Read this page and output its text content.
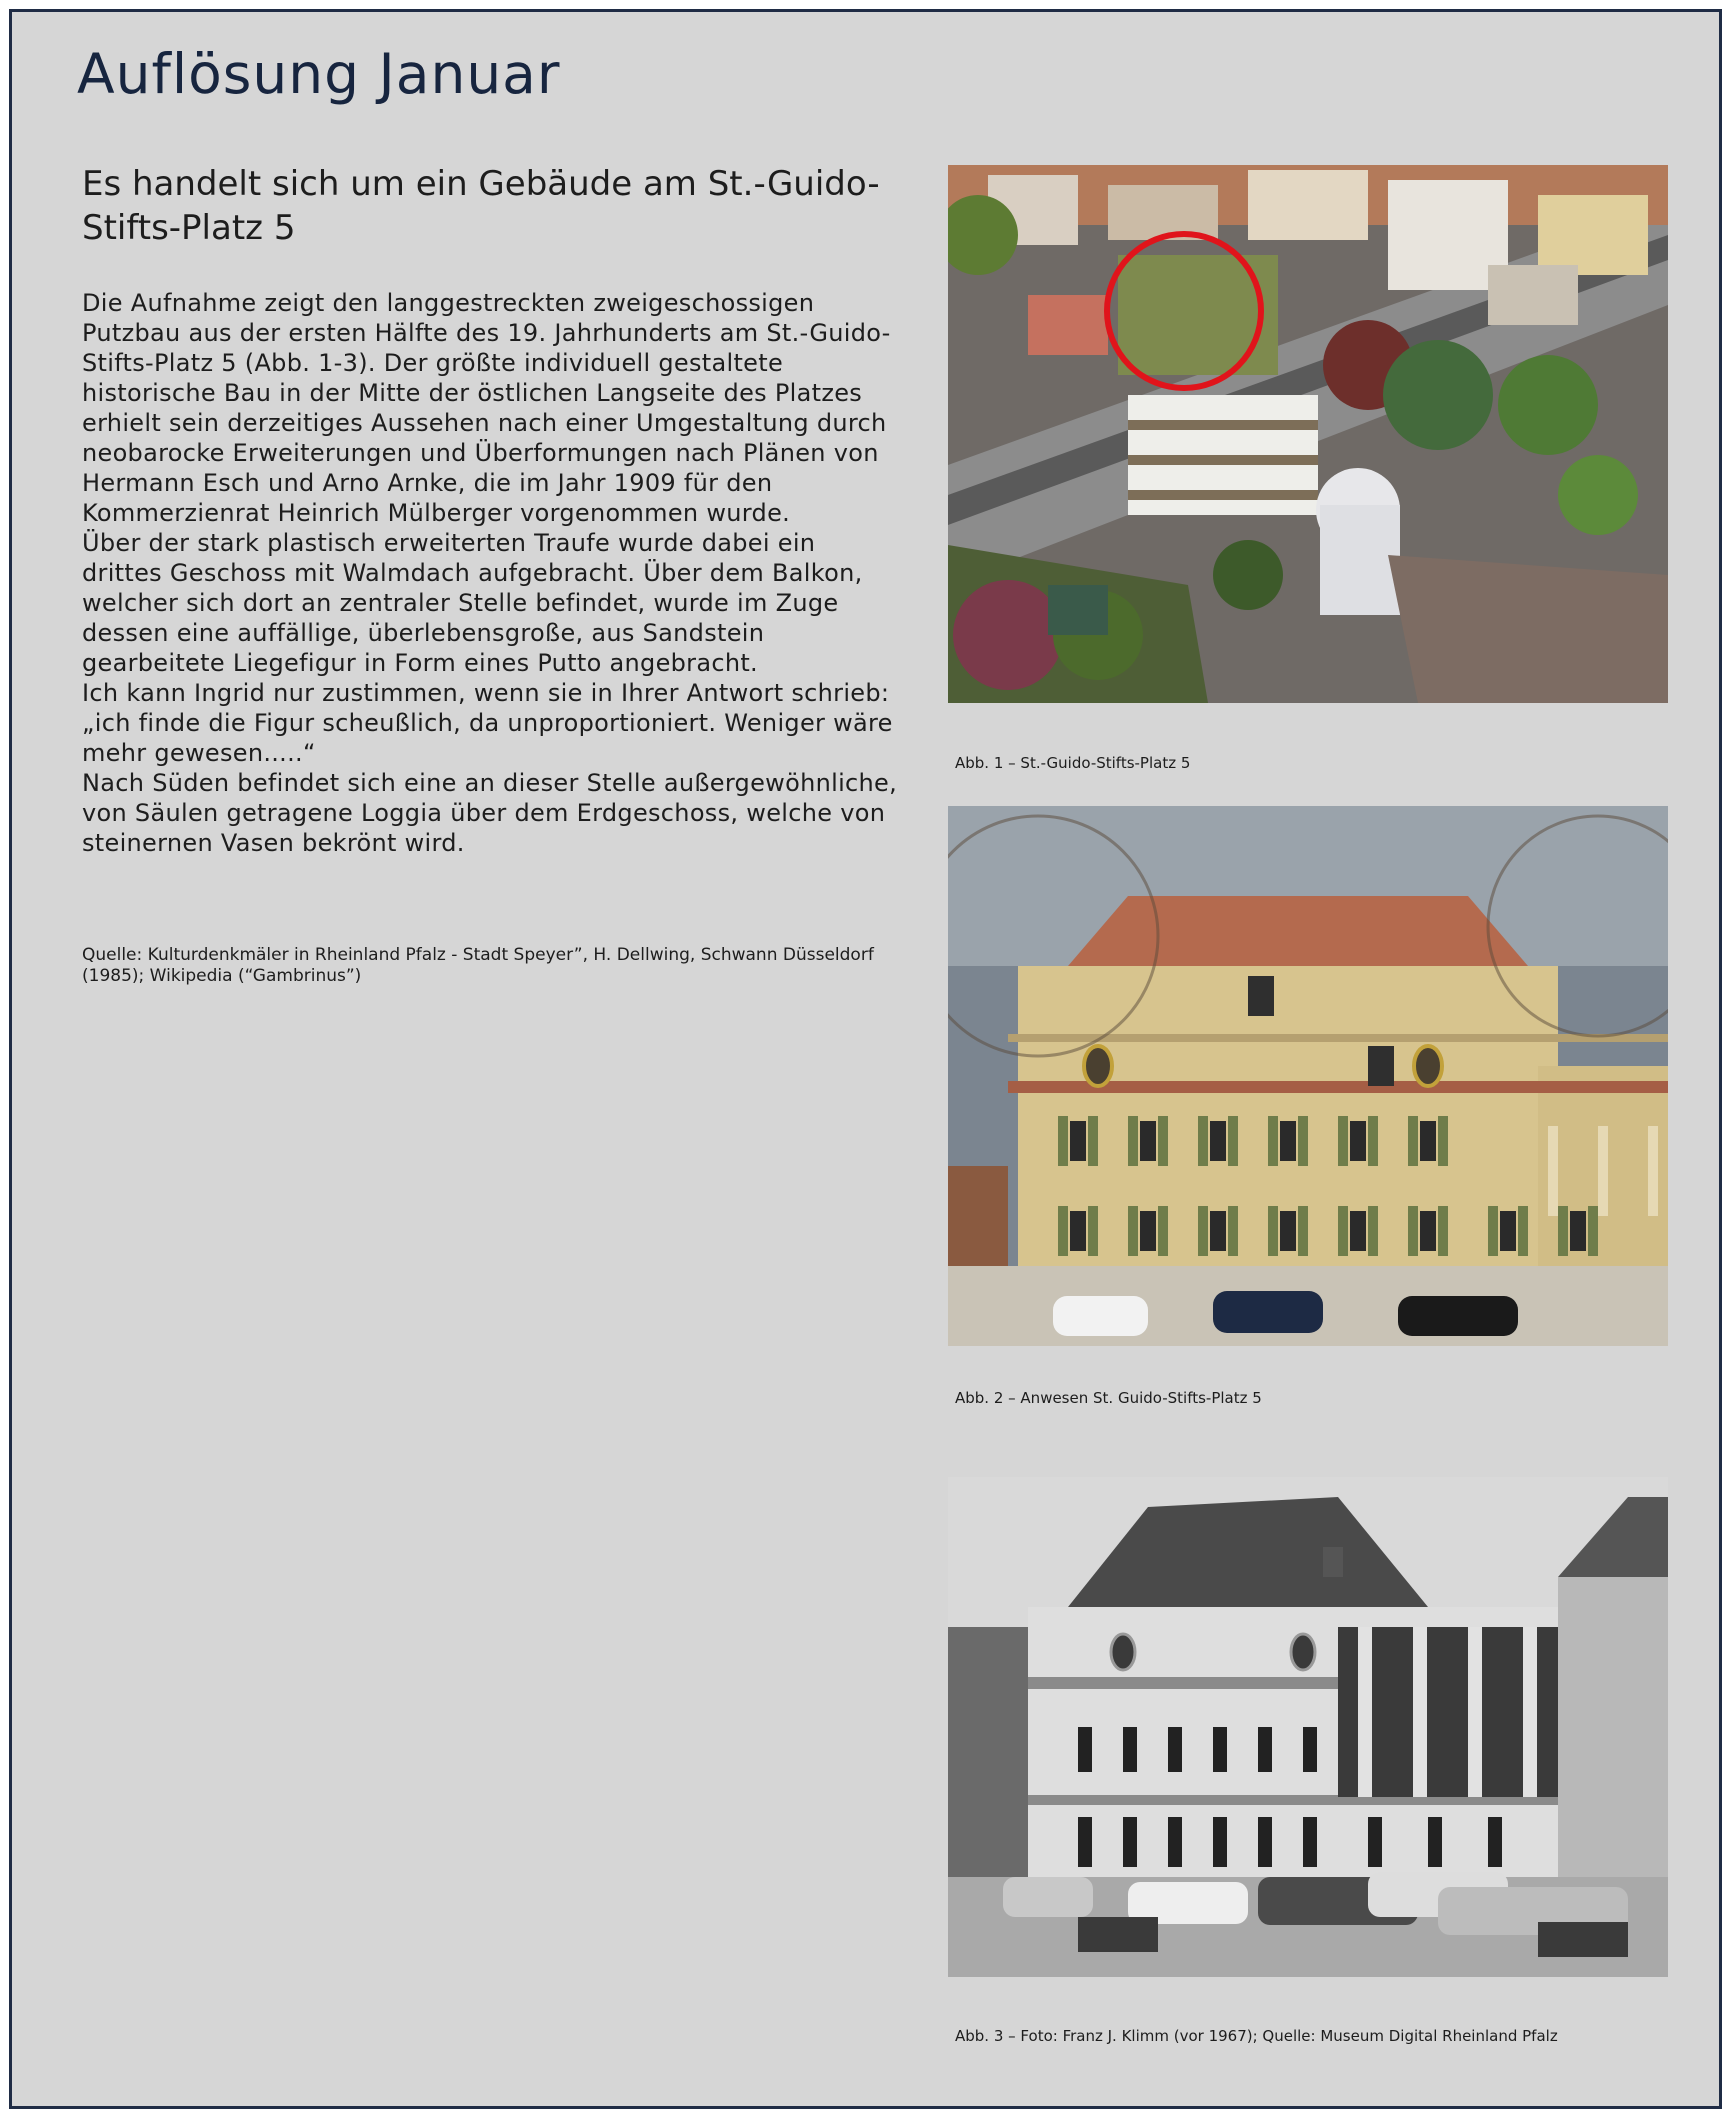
Auflösung Januar
Es handelt sich um ein Gebäude am St.-Guido-Stifts-Platz 5

Die Aufnahme zeigt den langgestreckten zweigeschossigen Putzbau aus der ersten Hälfte des 19. Jahrhunderts am St.-Guido-Stifts-Platz 5 (Abb. 1-3). Der größte individuell gestaltete historische Bau in der Mitte der östlichen Langseite des Platzes erhielt sein derzeitiges Aussehen nach einer Umgestaltung durch neobarocke Erweiterungen und Überformungen nach Plänen von Hermann Esch und Arno Arnke, die im Jahr 1909 für den Kommerzienrat Heinrich Mülberger vorgenommen wurde.

Über der stark plastisch erweiterten Traufe wurde dabei ein drittes Geschoss mit Walmdach aufgebracht. Über dem Balkon, welcher sich dort an zentraler Stelle befindet, wurde im Zuge dessen eine auffällige, überlebensgroße, aus Sandstein gearbeitete Liegefigur in Form eines Putto angebracht.

Ich kann Ingrid nur zustimmen, wenn sie in Ihrer Antwort schrieb: „ich finde die Figur scheußlich, da unproportioniert. Weniger wäre mehr gewesen.....“

Nach Süden befindet sich eine an dieser Stelle außergewöhnliche, von Säulen getragene Loggia über dem Erdgeschoss, welche von steinernen Vasen bekrönt wird.

Quelle: Kulturdenkmäler in Rheinland Pfalz - Stadt Speyer”, H. Dellwing, Schwann Düsseldorf (1985); Wikipedia (“Gambrinus”)
Abb. 1 – St.-Guido-Stifts-Platz 5
Abb. 2 – Anwesen St. Guido-Stifts-Platz 5
Abb. 3 – Foto: Franz J. Klimm (vor 1967); Quelle: Museum Digital Rheinland Pfalz
